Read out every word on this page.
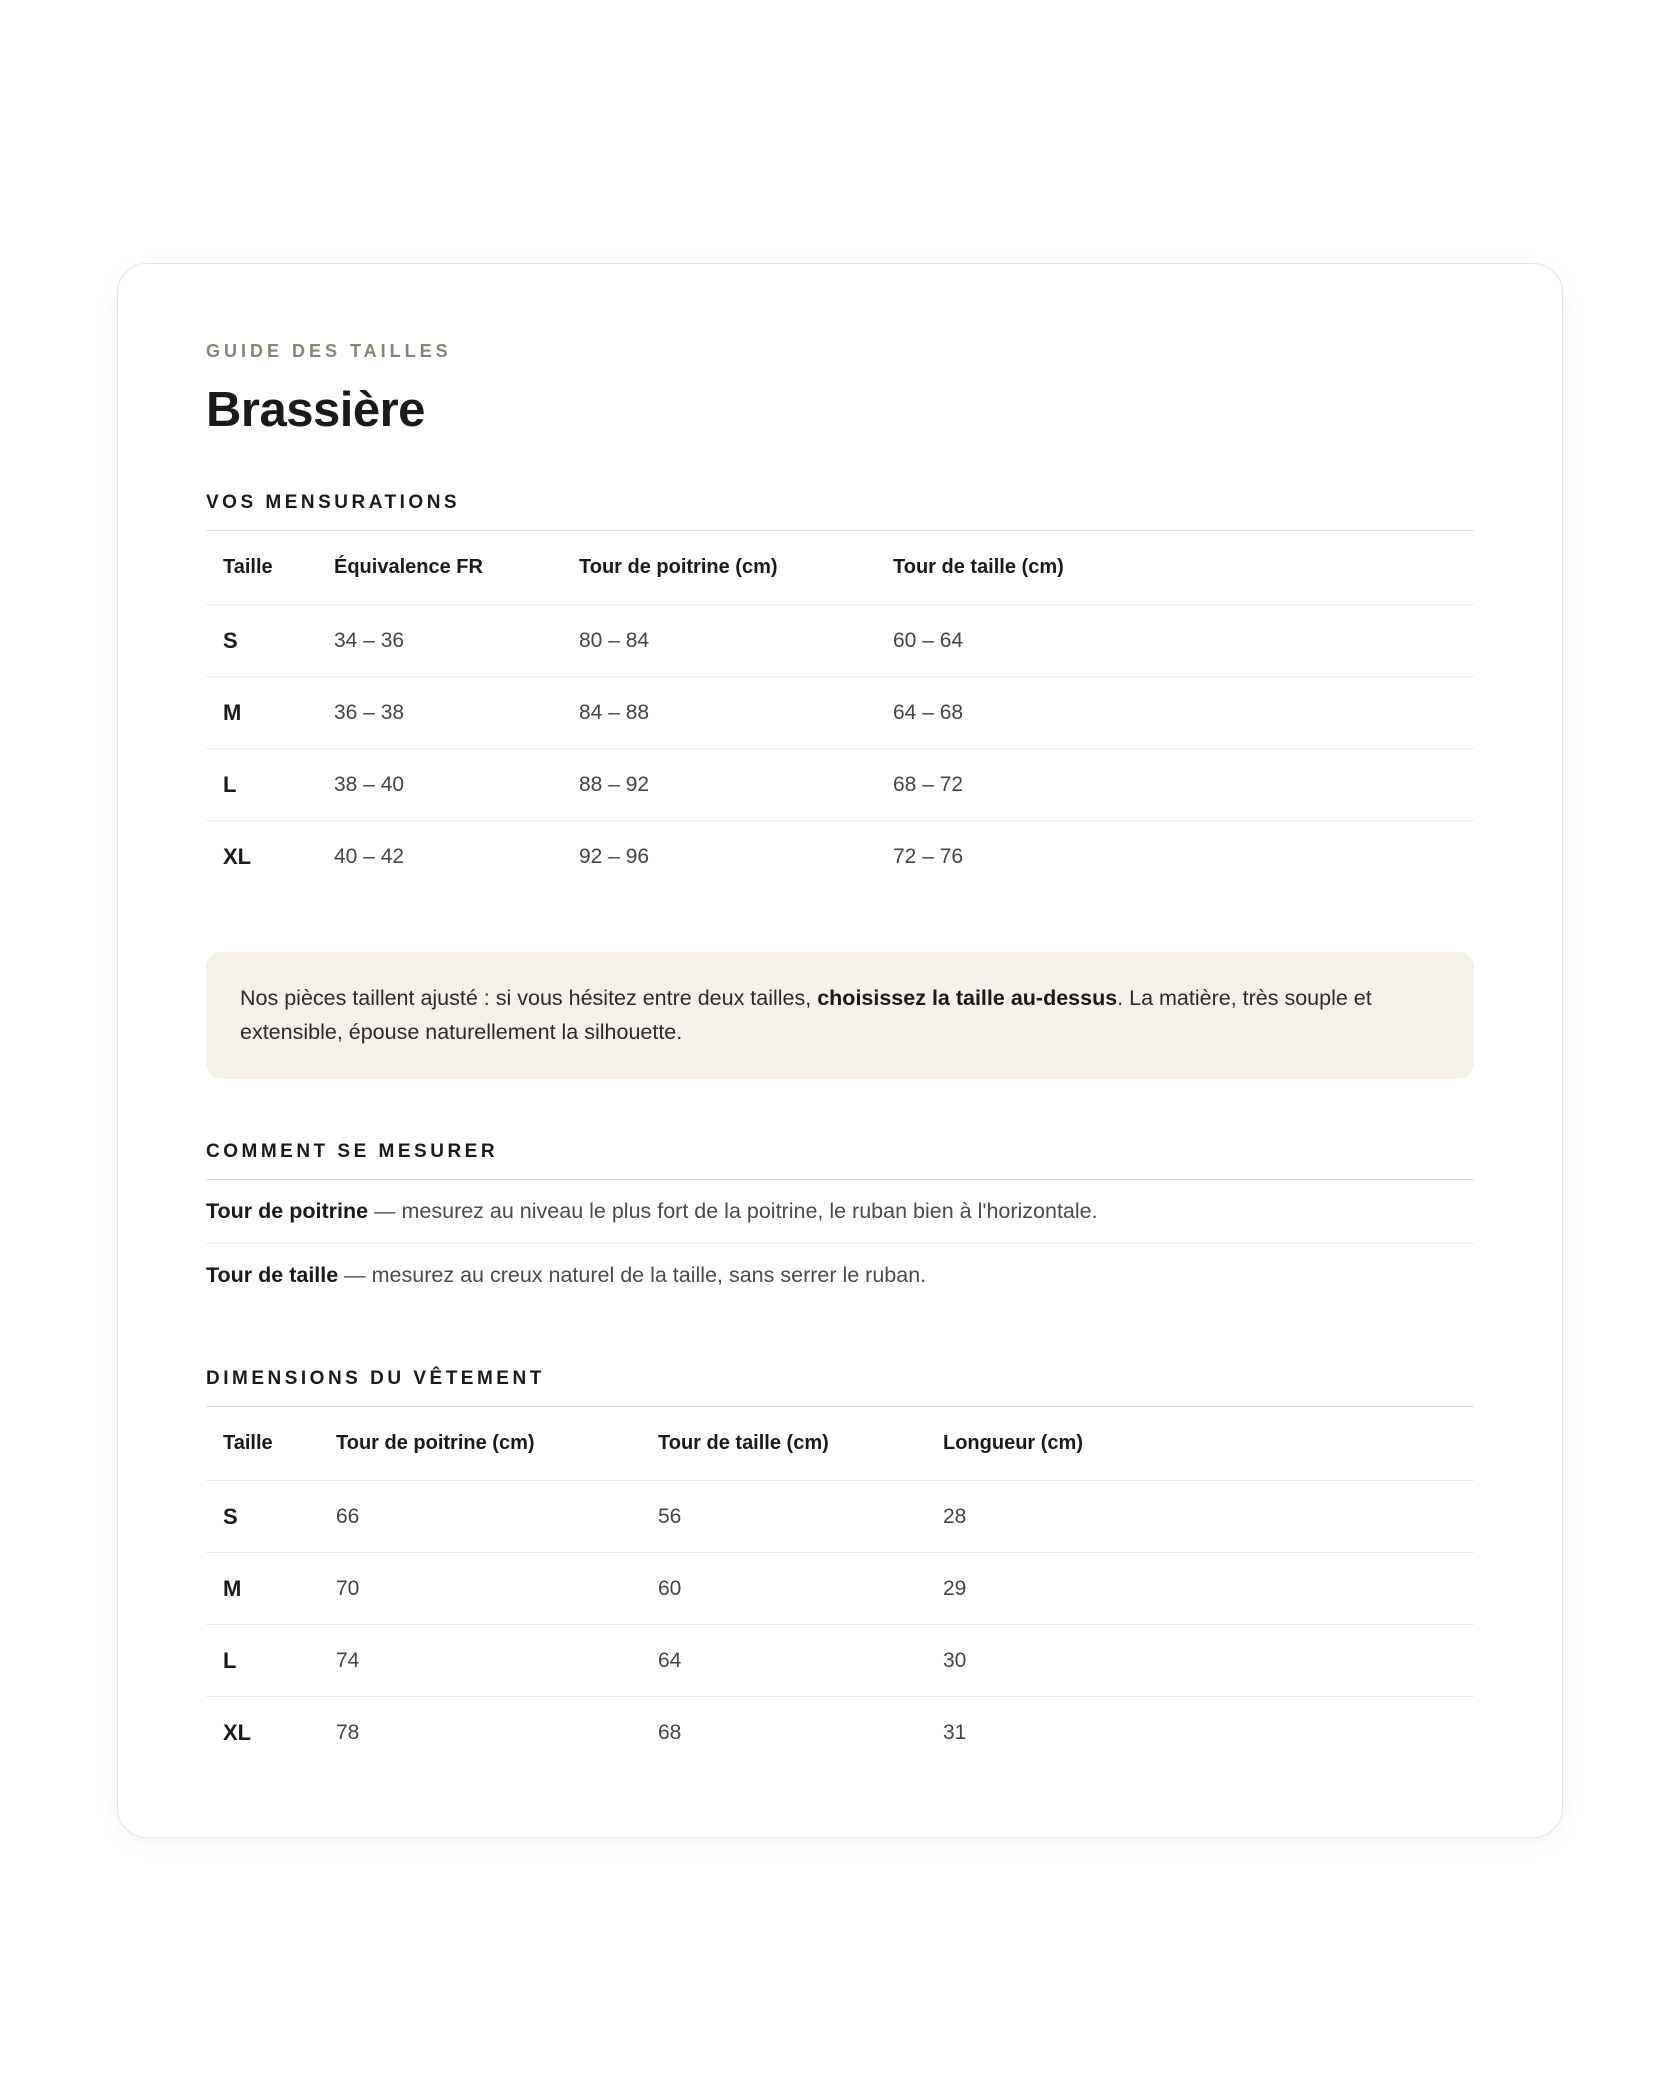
GUIDE DES TAILLES

Brassière
VOS MENSURATIONS
Taille	Équivalence FR	Tour de poitrine (cm)	Tour de taille (cm)
S	34 – 36	80 – 84	60 – 64
M	36 – 38	84 – 88	64 – 68
L	38 – 40	88 – 92	68 – 72
XL	40 – 42	92 – 96	72 – 76
Nos pièces taillent ajusté : si vous hésitez entre deux tailles, choisissez la taille au-dessus. La matière, très souple et extensible, épouse naturellement la silhouette.
COMMENT SE MESURER
Tour de poitrine — mesurez au niveau le plus fort de la poitrine, le ruban bien à l'horizontale.
Tour de taille — mesurez au creux naturel de la taille, sans serrer le ruban.
DIMENSIONS DU VÊTEMENT
Taille	Tour de poitrine (cm)	Tour de taille (cm)	Longueur (cm)
S	66	56	28
M	70	60	29
L	74	64	30
XL	78	68	31
